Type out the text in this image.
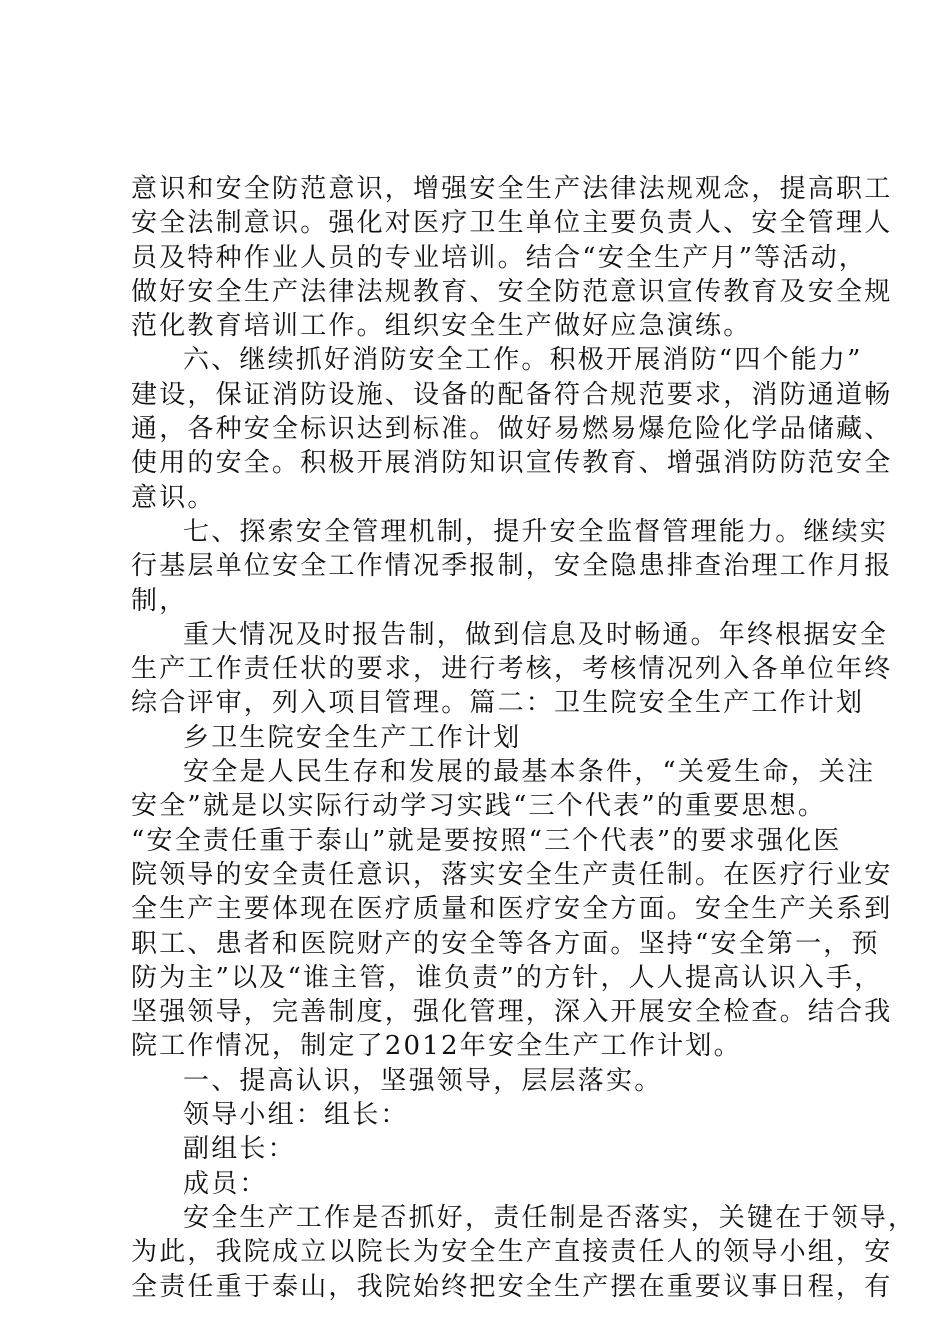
意识和安全防范意识，增强安全生产法律法规观念，提高职工
安全法制意识。强化对医疗卫生单位主要负责人、安全管理人
员及特种作业人员的专业培训。结合“安全生产月”等活动，
做好安全生产法律法规教育、安全防范意识宣传教育及安全规
范化教育培训工作。组织安全生产做好应急演练。
六、继续抓好消防安全工作。积极开展消防“四个能力”
建设，保证消防设施、设备的配备符合规范要求，消防通道畅
通，各种安全标识达到标准。做好易燃易爆危险化学品储藏、
使用的安全。积极开展消防知识宣传教育、增强消防防范安全
意识。
七、探索安全管理机制，提升安全监督管理能力。继续实
行基层单位安全工作情况季报制，安全隐患排查治理工作月报
制，
重大情况及时报告制，做到信息及时畅通。年终根据安全
生产工作责任状的要求，进行考核，考核情况列入各单位年终
综合评审，列入项目管理。篇二：卫生院安全生产工作计划
乡卫生院安全生产工作计划
安全是人民生存和发展的最基本条件，“关爱生命，关注
安全”就是以实际行动学习实践“三个代表”的重要思想。
“安全责任重于泰山”就是要按照“三个代表”的要求强化医
院领导的安全责任意识，落实安全生产责任制。在医疗行业安
全生产主要体现在医疗质量和医疗安全方面。安全生产关系到
职工、患者和医院财产的安全等各方面。坚持“安全第一，预
防为主”以及“谁主管，谁负责”的方针，人人提高认识入手，
坚强领导，完善制度，强化管理，深入开展安全检查。结合我
院工作情况，制定了2012年安全生产工作计划。
一、提高认识，坚强领导，层层落实。
领导小组：组长：
副组长：
成员：
安全生产工作是否抓好，责任制是否落实，关键在于领导，
为此，我院成立以院长为安全生产直接责任人的领导小组，安
全责任重于泰山，我院始终把安全生产摆在重要议事日程，有
